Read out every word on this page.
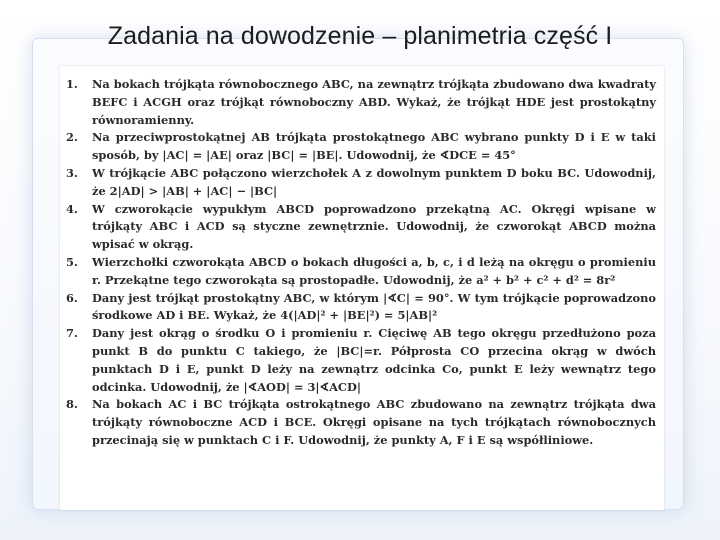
Zadania na dowodzenie – planimetria część I
1.	Na bokach trójkąta równobocznego ABC, na zewnątrz trójkąta zbudowano dwa kwadraty BEFC i ACGH oraz trójkąt równoboczny ABD. Wykaż, że trójkąt HDE jest prostokątny równoramienny.
2.	Na przeciwprostokątnej AB trójkąta prostokątnego ABC wybrano punkty D i E w taki sposób, by |AC| = |AE| oraz |BC| = |BE|. Udowodnij, że ∢DCE = 45°
3.	W trójkącie ABC połączono wierzchołek A z dowolnym punktem D boku BC. Udowodnij, że 2|AD| > |AB| + |AC| − |BC|
4.	W czworokącie wypukłym ABCD poprowadzono przekątną AC. Okręgi wpisane w trójkąty ABC i ACD są styczne zewnętrznie. Udowodnij, że czworokąt ABCD można wpisać w okrąg.
5.	Wierzchołki czworokąta ABCD o bokach długości a, b, c, i d leżą na okręgu o promieniu r. Przekątne tego czworokąta są prostopadłe. Udowodnij, że a² + b² + c² + d² = 8r²
6.	Dany jest trójkąt prostokątny ABC, w którym |∢C| = 90°. W tym trójkącie poprowadzono środkowe AD i BE. Wykaż, że 4(|AD|² + |BE|²) = 5|AB|²
7.	Dany jest okrąg o środku O i promieniu r. Cięciwę AB tego okręgu przedłużono poza punkt B do punktu C takiego, że |BC|=r. Półprosta CO przecina okrąg w dwóch punktach D i E, punkt D leży na zewnątrz odcinka Co, punkt E leży wewnątrz tego odcinka. Udowodnij, że |∢AOD| = 3|∢ACD|
8.	Na bokach AC i BC trójkąta ostrokątnego ABC zbudowano na zewnątrz trójkąta dwa trójkąty równoboczne ACD i BCE. Okręgi opisane na tych trójkątach równobocznych przecinają się w punktach C i F. Udowodnij, że punkty A, F i E są współliniowe.
